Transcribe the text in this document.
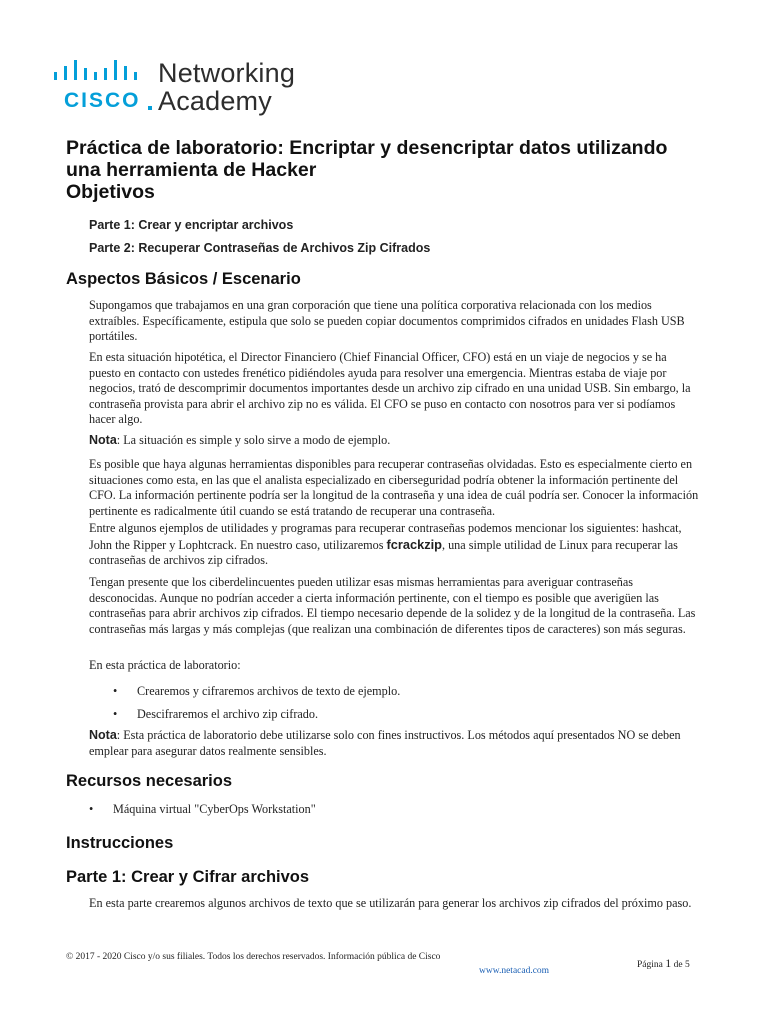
CISCO
Networking
Academy
Práctica de laboratorio: Encriptar y desencriptar datos utilizando
una herramienta de Hacker
Objetivos
Parte 1: Crear y encriptar archivos
Parte 2: Recuperar Contraseñas de Archivos Zip Cifrados
Aspectos Básicos / Escenario
Supongamos que trabajamos en una gran corporación que tiene una política corporativa relacionada con los medios extraíbles. Específicamente, estipula que solo se pueden copiar documentos comprimidos cifrados en unidades Flash USB portátiles.
En esta situación hipotética, el Director Financiero (Chief Financial Officer, CFO) está en un viaje de negocios y se ha puesto en contacto con ustedes frenético pidiéndoles ayuda para resolver una emergencia. Mientras estaba de viaje por negocios, trató de descomprimir documentos importantes desde un archivo zip cifrado en una unidad USB. Sin embargo, la contraseña provista para abrir el archivo zip no es válida. El CFO se puso en contacto con nosotros para ver si podíamos hacer algo.
Nota: La situación es simple y solo sirve a modo de ejemplo.
Es posible que haya algunas herramientas disponibles para recuperar contraseñas olvidadas. Esto es especialmente cierto en situaciones como esta, en las que el analista especializado en ciberseguridad podría obtener la información pertinente del CFO. La información pertinente podría ser la longitud de la contraseña y una idea de cuál podría ser. Conocer la información pertinente es radicalmente útil cuando se está tratando de recuperar una contraseña.
Entre algunos ejemplos de utilidades y programas para recuperar contraseñas podemos mencionar los siguientes: hashcat, John the Ripper y Lophtcrack. En nuestro caso, utilizaremos fcrackzip, una simple utilidad de Linux para recuperar las contraseñas de archivos zip cifrados.
Tengan presente que los ciberdelincuentes pueden utilizar esas mismas herramientas para averiguar contraseñas desconocidas. Aunque no podrían acceder a cierta información pertinente, con el tiempo es posible que averigüen las contraseñas para abrir archivos zip cifrados. El tiempo necesario depende de la solidez y de la longitud de la contraseña. Las contraseñas más largas y más complejas (que realizan una combinación de diferentes tipos de caracteres) son más seguras.
En esta práctica de laboratorio:
• Crearemos y cifraremos archivos de texto de ejemplo.
• Descifraremos el archivo zip cifrado.
Nota: Esta práctica de laboratorio debe utilizarse solo con fines instructivos. Los métodos aquí presentados NO se deben emplear para asegurar datos realmente sensibles.
Recursos necesarios
• Máquina virtual "CyberOps Workstation"
Instrucciones
Parte 1: Crear y Cifrar archivos
En esta parte crearemos algunos archivos de texto que se utilizarán para generar los archivos zip cifrados del próximo paso.
© 2017 - 2020 Cisco y/o sus filiales. Todos los derechos reservados. Información pública de Cisco
Página 1 de 5
www.netacad.com
